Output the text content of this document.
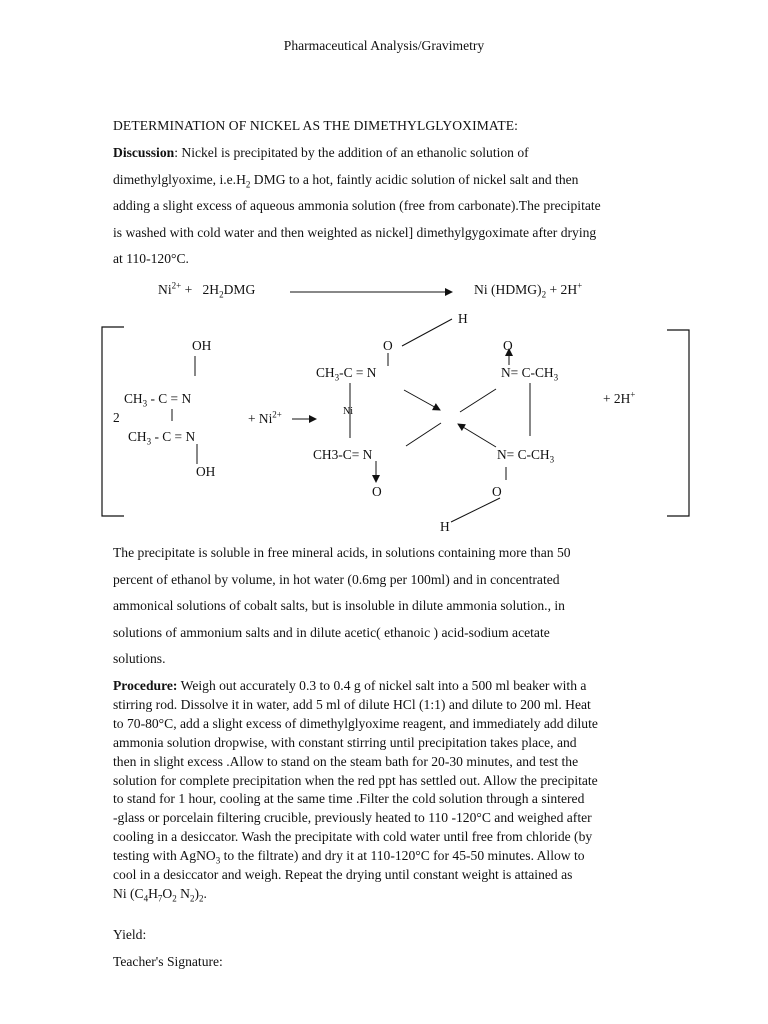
Pharmaceutical Analysis/Gravimetry
DETERMINATION OF NICKEL AS THE DIMETHYLGLYOXIMATE:
Discussion: Nickel is precipitated by the addition of an ethanolic solution of
dimethylglyoxime, $i.e.H_2$ DMG to a hot, faintly acidic solution of nickel salt and then
adding a slight excess of aqueous ammonia solution (free from carbonate).The precipitate
is washed with cold water and then weighted as nickel] dimethylgygoximate after drying
at 110-120°C.
$Ni^{2+} + 2H_2DMG$	Ni $(HDMG)_2 + 2H^+$
OH
$CH_3 - C = N$
2
$CH_3 - C = N$
OH
+ $Ni^{2+}$
H
O	O
$CH_3-C = N$	$N= C-CH_3$
Ni
CH3-C= N	$N= C-CH_3$
O	O
H
+ 2H+
The precipitate is soluble in free mineral acids, in solutions containing more than 50
percent of ethanol by volume, in hot water (0.6mg per 100ml) and in concentrated
ammonical solutions of cobalt salts, but is insoluble in dilute ammonia solution., in
solutions of ammonium salts and in dilute acetic( ethanoic ) acid-sodium acetate
solutions.
Procedure: Weigh out accurately 0.3 to 0.4 g of nickel salt into a 500 ml beaker with a
stirring rod. Dissolve it in water, add 5 ml of dilute HCl (1:1) and dilute to 200 ml. Heat
to 70-80°C, add a slight excess of dimethylglyoxime reagent, and immediately add dilute
ammonia solution dropwise, with constant stirring until precipitation takes place, and
then in slight excess .Allow to stand on the steam bath for 20-30 minutes, and test the
solution for complete precipitation when the red ppt has settled out. Allow the precipitate
to stand for 1 hour, cooling at the same time .Filter the cold solution through a sintered
-glass or porcelain filtering crucible, previously heated to 110 -120°C and weighed after
cooling in a desiccator. Wash the precipitate with cold water until free from chloride (by
testing with AgNO$_3$ to the filtrate) and dry it at 110-120°C for 45-50 minutes. Allow to
cool in a desiccator and weigh. Repeat the drying until constant weight is attained as
Ni ($C_4H_7O_2$ $N_2)_2$.
Yield:
Teacher's Signature:
